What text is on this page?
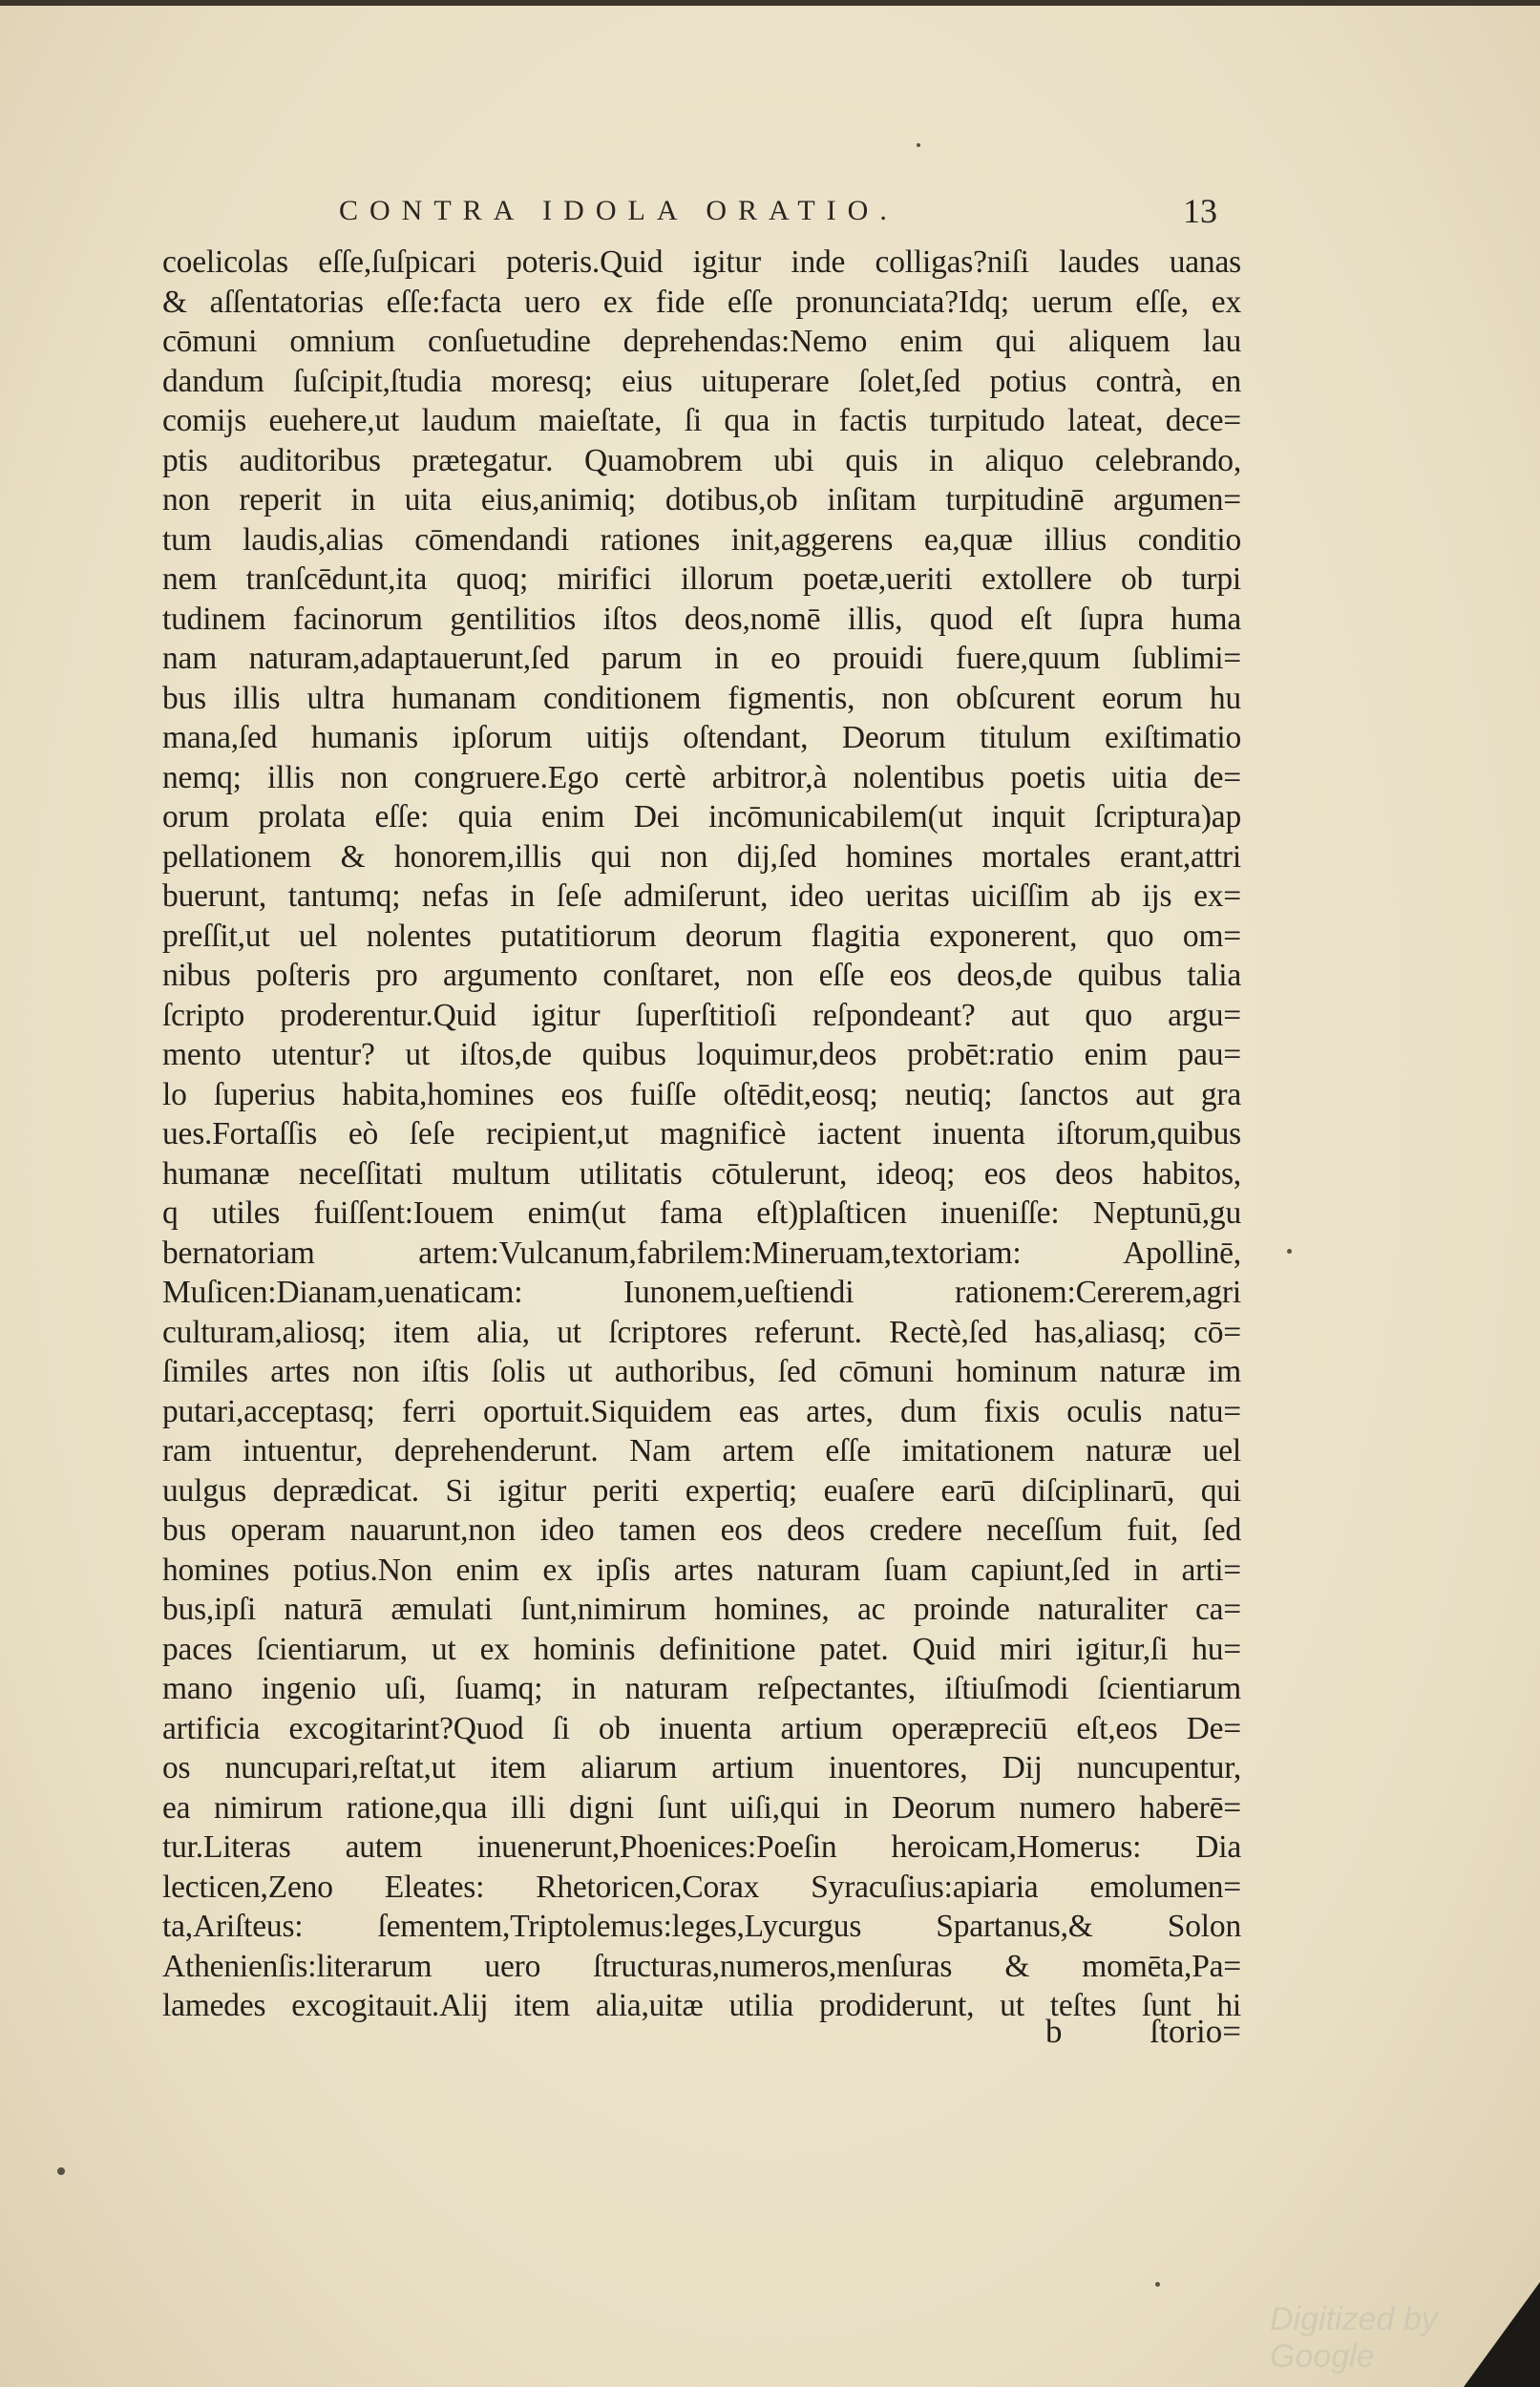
CONTRA IDOLA ORATIO.	13
coelicolas eſſe,ſuſpicari poteris.Quid igitur inde colligas?niſi laudes uanas
& aſſentatorias eſſe:facta uero ex fide eſſe pronunciata?Idq; uerum eſſe, ex
cōmuni omnium conſuetudine deprehendas:Nemo enim qui aliquem lau
dandum ſuſcipit,ſtudia moresq; eius uituperare ſolet,ſed potius contrà, en
comijs euehere,ut laudum maieſtate, ſi qua in factis turpitudo lateat, dece=
ptis auditoribus prætegatur. Quamobrem ubi quis in aliquo celebrando,
non reperit in uita eius,animiq; dotibus,ob inſitam turpitudinē argumen=
tum laudis,alias cōmendandi rationes init,aggerens ea,quæ illius conditio
nem tranſcēdunt,ita quoq; mirifici illorum poetæ,ueriti extollere ob turpi
tudinem facinorum gentilitios iſtos deos,nomē illis, quod eſt ſupra huma
nam naturam,adaptauerunt,ſed parum in eo prouidi fuere,quum ſublimi=
bus illis ultra humanam conditionem figmentis, non obſcurent eorum hu
mana,ſed humanis ipſorum uitijs oſtendant, Deorum titulum exiſtimatio
nemq; illis non congruere.Ego certè arbitror,à nolentibus poetis uitia de=
orum prolata eſſe: quia enim Dei incōmunicabilem(ut inquit ſcriptura)ap
pellationem & honorem,illis qui non dij,ſed homines mortales erant,attri
buerunt, tantumq; nefas in ſeſe admiſerunt, ideo ueritas uiciſſim ab ijs ex=
preſſit,ut uel nolentes putatitiorum deorum flagitia exponerent, quo om=
nibus poſteris pro argumento conſtaret, non eſſe eos deos,de quibus talia
ſcripto proderentur.Quid igitur ſuperſtitioſi reſpondeant? aut quo argu=
mento utentur? ut iſtos,de quibus loquimur,deos probēt:ratio enim pau=
lo ſuperius habita,homines eos fuiſſe oſtēdit,eosq; neutiq; ſanctos aut gra
ues.Fortaſſis eò ſeſe recipient,ut magnificè iactent inuenta iſtorum,quibus
humanæ neceſſitati multum utilitatis cōtulerunt, ideoq; eos deos habitos,
q utiles fuiſſent:Iouem enim(ut fama eſt)plaſticen inueniſſe: Neptunū,gu
bernatoriam artem:Vulcanum,fabrilem:Mineruam,textoriam: Apollinē,
Muſicen:Dianam,uenaticam: Iunonem,ueſtiendi rationem:Cererem,agri
culturam,aliosq; item alia, ut ſcriptores referunt. Rectè,ſed has,aliasq; cō=
ſimiles artes non iſtis ſolis ut authoribus, ſed cōmuni hominum naturæ im
putari,acceptasq; ferri oportuit.Siquidem eas artes, dum fixis oculis natu=
ram intuentur, deprehenderunt. Nam artem eſſe imitationem naturæ uel
uulgus deprædicat. Si igitur periti expertiq; euaſere earū diſciplinarū, qui
bus operam nauarunt,non ideo tamen eos deos credere neceſſum fuit, ſed
homines potius.Non enim ex ipſis artes naturam ſuam capiunt,ſed in arti=
bus,ipſi naturā æmulati ſunt,nimirum homines, ac proinde naturaliter ca=
paces ſcientiarum, ut ex hominis definitione patet. Quid miri igitur,ſi hu=
mano ingenio uſi, ſuamq; in naturam reſpectantes, iſtiuſmodi ſcientiarum
artificia excogitarint?Quod ſi ob inuenta artium operæpreciū eſt,eos De=
os nuncupari,reſtat,ut item aliarum artium inuentores, Dij nuncupentur,
ea nimirum ratione,qua illi digni ſunt uiſi,qui in Deorum numero haberē=
tur.Literas autem inuenerunt,Phoenices:Poeſin heroicam,Homerus: Dia
lecticen,Zeno Eleates: Rhetoricen,Corax Syracuſius:apiaria emolumen=
ta,Ariſteus: ſementem,Triptolemus:leges,Lycurgus Spartanus,& Solon
Athenienſis:literarum uero ſtructuras,numeros,menſuras & momēta,Pa=
lamedes excogitauit.Alij item alia,uitæ utilia prodiderunt, ut teſtes ſunt hi
b	ſtorio=
Digitized by Google
